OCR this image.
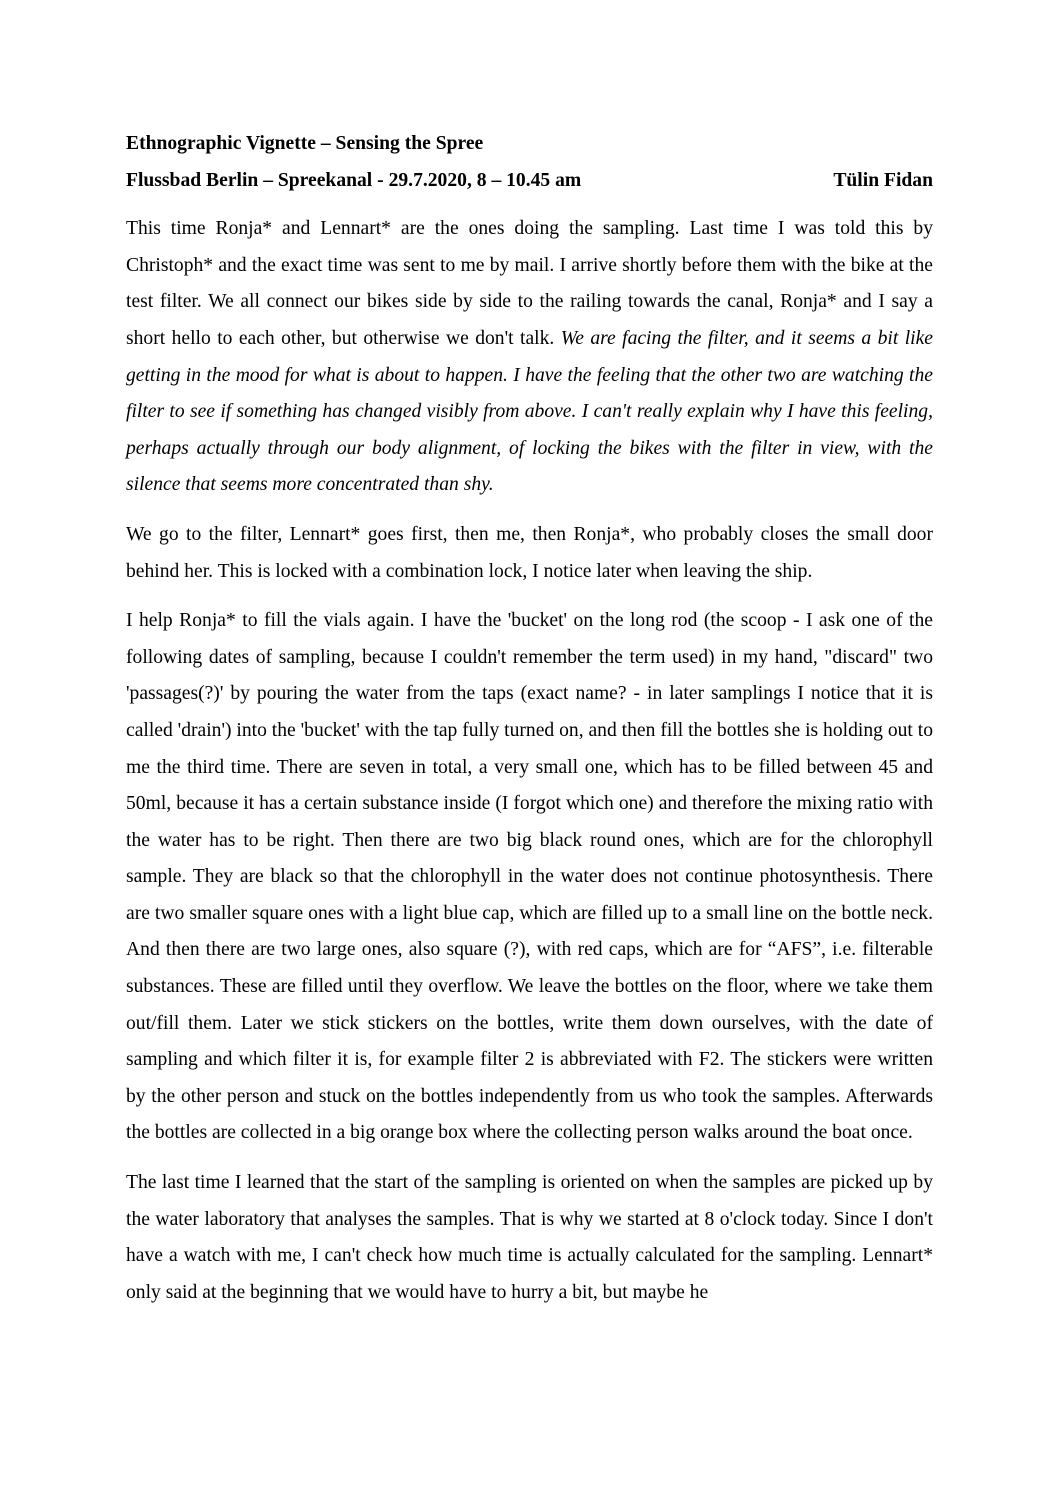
Ethnographic Vignette – Sensing the Spree
Flussbad Berlin – Spreekanal - 29.7.2020, 8 – 10.45 am	Tülin Fidan

This time Ronja* and Lennart* are the ones doing the sampling. Last time I was told this by Christoph* and the exact time was sent to me by mail. I arrive shortly before them with the bike at the test filter. We all connect our bikes side by side to the railing towards the canal, Ronja* and I say a short hello to each other, but otherwise we don't talk. We are facing the filter, and it seems a bit like getting in the mood for what is about to happen. I have the feeling that the other two are watching the filter to see if something has changed visibly from above. I can't really explain why I have this feeling, perhaps actually through our body alignment, of locking the bikes with the filter in view, with the silence that seems more concentrated than shy.

We go to the filter, Lennart* goes first, then me, then Ronja*, who probably closes the small door behind her. This is locked with a combination lock, I notice later when leaving the ship.

I help Ronja* to fill the vials again. I have the 'bucket' on the long rod (the scoop - I ask one of the following dates of sampling, because I couldn't remember the term used) in my hand, "discard" two 'passages(?)' by pouring the water from the taps (exact name? - in later samplings I notice that it is called 'drain') into the 'bucket' with the tap fully turned on, and then fill the bottles she is holding out to me the third time. There are seven in total, a very small one, which has to be filled between 45 and 50ml, because it has a certain substance inside (I forgot which one) and therefore the mixing ratio with the water has to be right. Then there are two big black round ones, which are for the chlorophyll sample. They are black so that the chlorophyll in the water does not continue photosynthesis. There are two smaller square ones with a light blue cap, which are filled up to a small line on the bottle neck. And then there are two large ones, also square (?), with red caps, which are for “AFS”, i.e. filterable substances. These are filled until they overflow. We leave the bottles on the floor, where we take them out/fill them. Later we stick stickers on the bottles, write them down ourselves, with the date of sampling and which filter it is, for example filter 2 is abbreviated with F2. The stickers were written by the other person and stuck on the bottles independently from us who took the samples. Afterwards the bottles are collected in a big orange box where the collecting person walks around the boat once.

The last time I learned that the start of the sampling is oriented on when the samples are picked up by the water laboratory that analyses the samples. That is why we started at 8 o'clock today. Since I don't have a watch with me, I can't check how much time is actually calculated for the sampling. Lennart* only said at the beginning that we would have to hurry a bit, but maybe he
